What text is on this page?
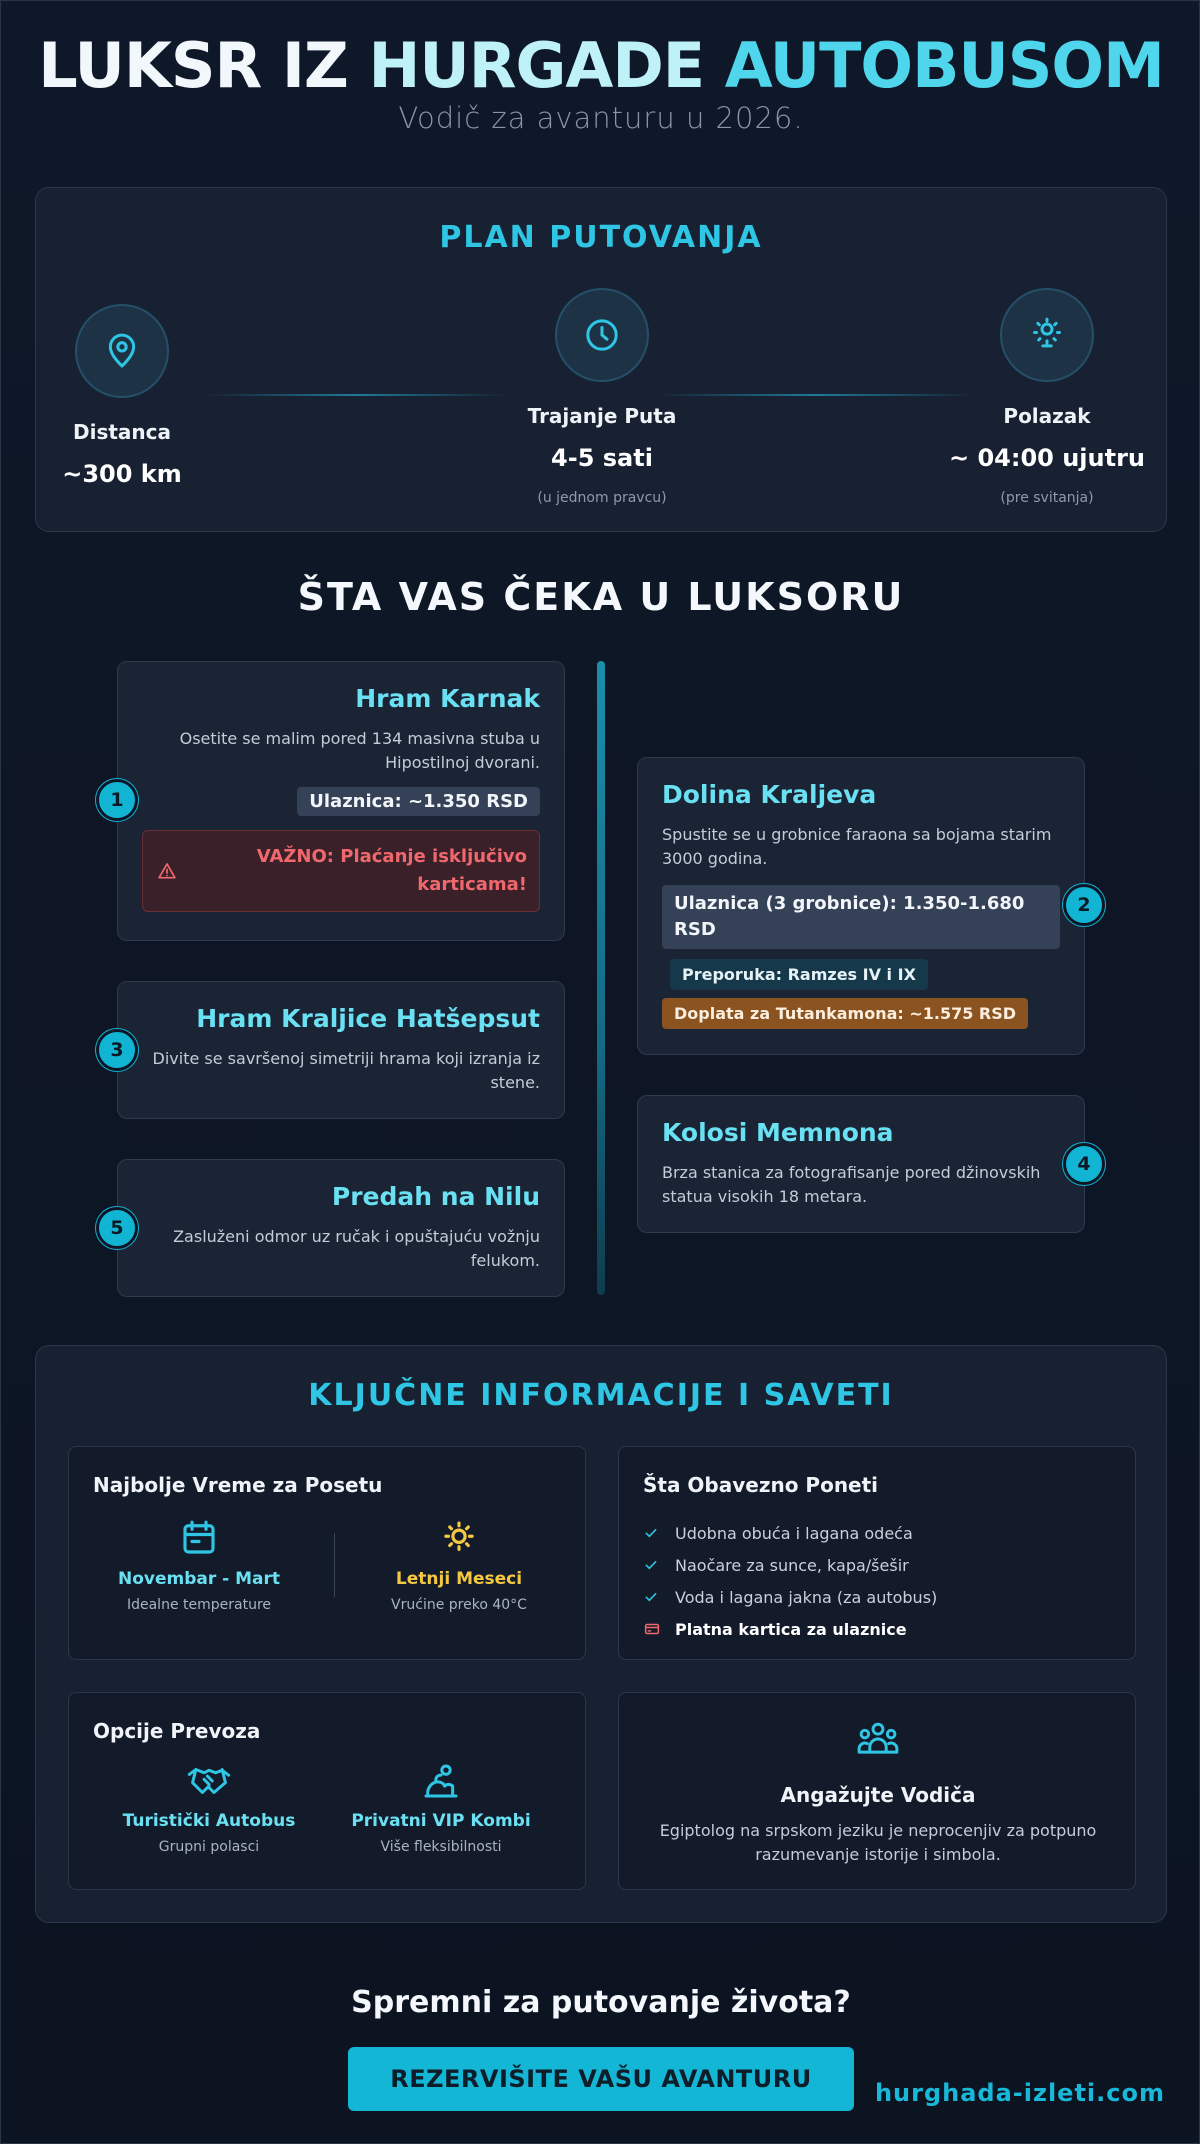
LUKSR IZ HURGADE AUTOBUSOM
Vodič za avanturu u 2026.
PLAN PUTOVANJA
Distanca
~300 km
Trajanje Puta
4-5 sati
(u jednom pravcu)
Polazak
~ 04:00 ujutru
(pre svitanja)
ŠTA VAS ČEKA U LUKSORU
Hram Karnak

Osetite se malim pored 134 masivna stuba u Hipostilnoj dvorani.

Ulaznica: ~1.350 RSD
VAŽNO: Plaćanje isključivo karticama!
1	Dolina Kraljeva

Spustite se u grobnice faraona sa bojama starim 3000 godina.

Ulaznica (3 grobnice): 1.350-1.680 RSD
Preporuka: Ramzes IV i IX
Doplata za Tutankamona: ~1.575 RSD
2
Hram Kraljice Hatšepsut

Divite se savršenoj simetriji hrama koji izranja iz stene.

3
Kolosi Memnona

Brza stanica za fotografisanje pored džinovskih statua visokih 18 metara.

4
Predah na Nilu

Zasluženi odmor uz ručak i opuštajuću vožnju felukom.

5
KLJUČNE INFORMACIJE I SAVETI
Najbolje Vreme za Posetu
Novembar - Mart
Idealne temperature
Letnji Meseci
Vrućine preko 40°C
Šta Obavezno Poneti
Udobna obuća i lagana odeća
Naočare za sunce, kapa/šešir
Voda i lagana jakna (za autobus)
Platna kartica za ulaznice
Opcije Prevoza
Turistički Autobus
Grupni polasci
Privatni VIP Kombi
Više fleksibilnosti
Angažujte Vodiča
Egiptolog na srpskom jeziku je neprocenjiv za potpuno razumevanje istorije i simbola.
Spremni za putovanje života?
REZERVIŠITE VAŠU AVANTURU	hurghada-izleti.com
